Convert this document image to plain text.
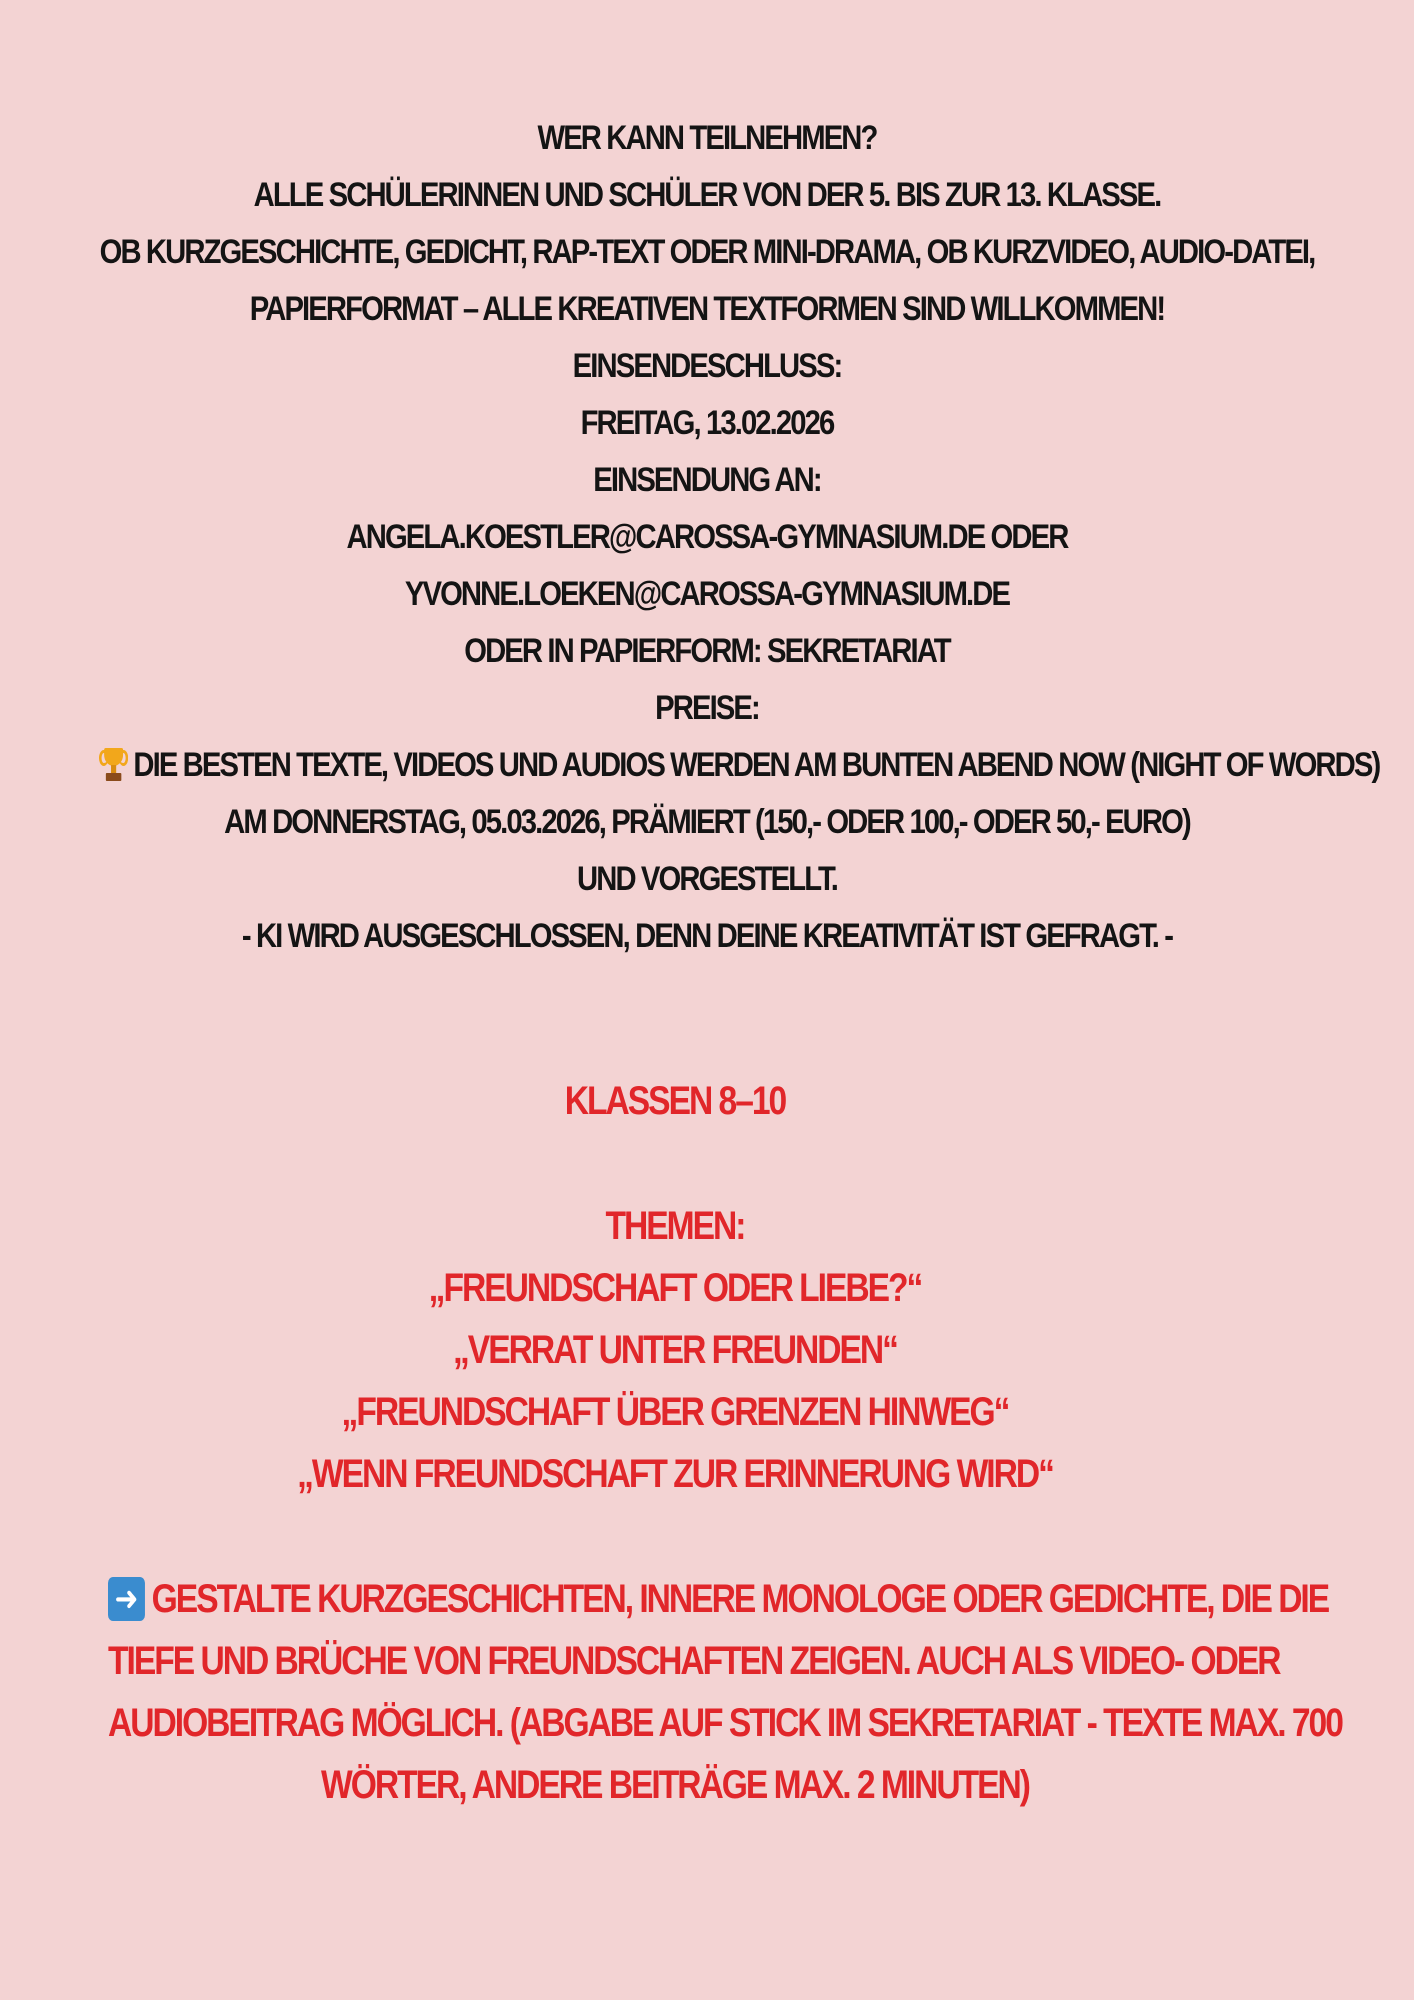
WER KANN TEILNEHMEN?
ALLE SCHÜLERINNEN UND SCHÜLER VON DER 5. BIS ZUR 13. KLASSE.
OB KURZGESCHICHTE, GEDICHT, RAP-TEXT ODER MINI-DRAMA, OB KURZVIDEO, AUDIO-DATEI,
PAPIERFORMAT – ALLE KREATIVEN TEXTFORMEN SIND WILLKOMMEN!
EINSENDESCHLUSS:
FREITAG, 13.02.2026
EINSENDUNG AN:
ANGELA.KOESTLER@CAROSSA-GYMNASIUM.DE ODER
YVONNE.LOEKEN@CAROSSA-GYMNASIUM.DE
ODER IN PAPIERFORM: SEKRETARIAT
PREISE:
DIE BESTEN TEXTE, VIDEOS UND AUDIOS WERDEN AM BUNTEN ABEND NOW (NIGHT OF WORDS)
AM DONNERSTAG, 05.03.2026, PRÄMIERT (150,- ODER 100,- ODER 50,- EURO)
UND VORGESTELLT.
- KI WIRD AUSGESCHLOSSEN, DENN DEINE KREATIVITÄT IST GEFRAGT. -
KLASSEN 8–10
THEMEN:
„FREUNDSCHAFT ODER LIEBE?“
„VERRAT UNTER FREUNDEN“
„FREUNDSCHAFT ÜBER GRENZEN HINWEG“
„WENN FREUNDSCHAFT ZUR ERINNERUNG WIRD“
➜ GESTALTE KURZGESCHICHTEN, INNERE MONOLOGE ODER GEDICHTE, DIE DIE
TIEFE UND BRÜCHE VON FREUNDSCHAFTEN ZEIGEN. AUCH ALS VIDEO- ODER
AUDIOBEITRAG MÖGLICH. (ABGABE AUF STICK IM SEKRETARIAT - TEXTE MAX. 700
WÖRTER, ANDERE BEITRÄGE MAX. 2 MINUTEN)
